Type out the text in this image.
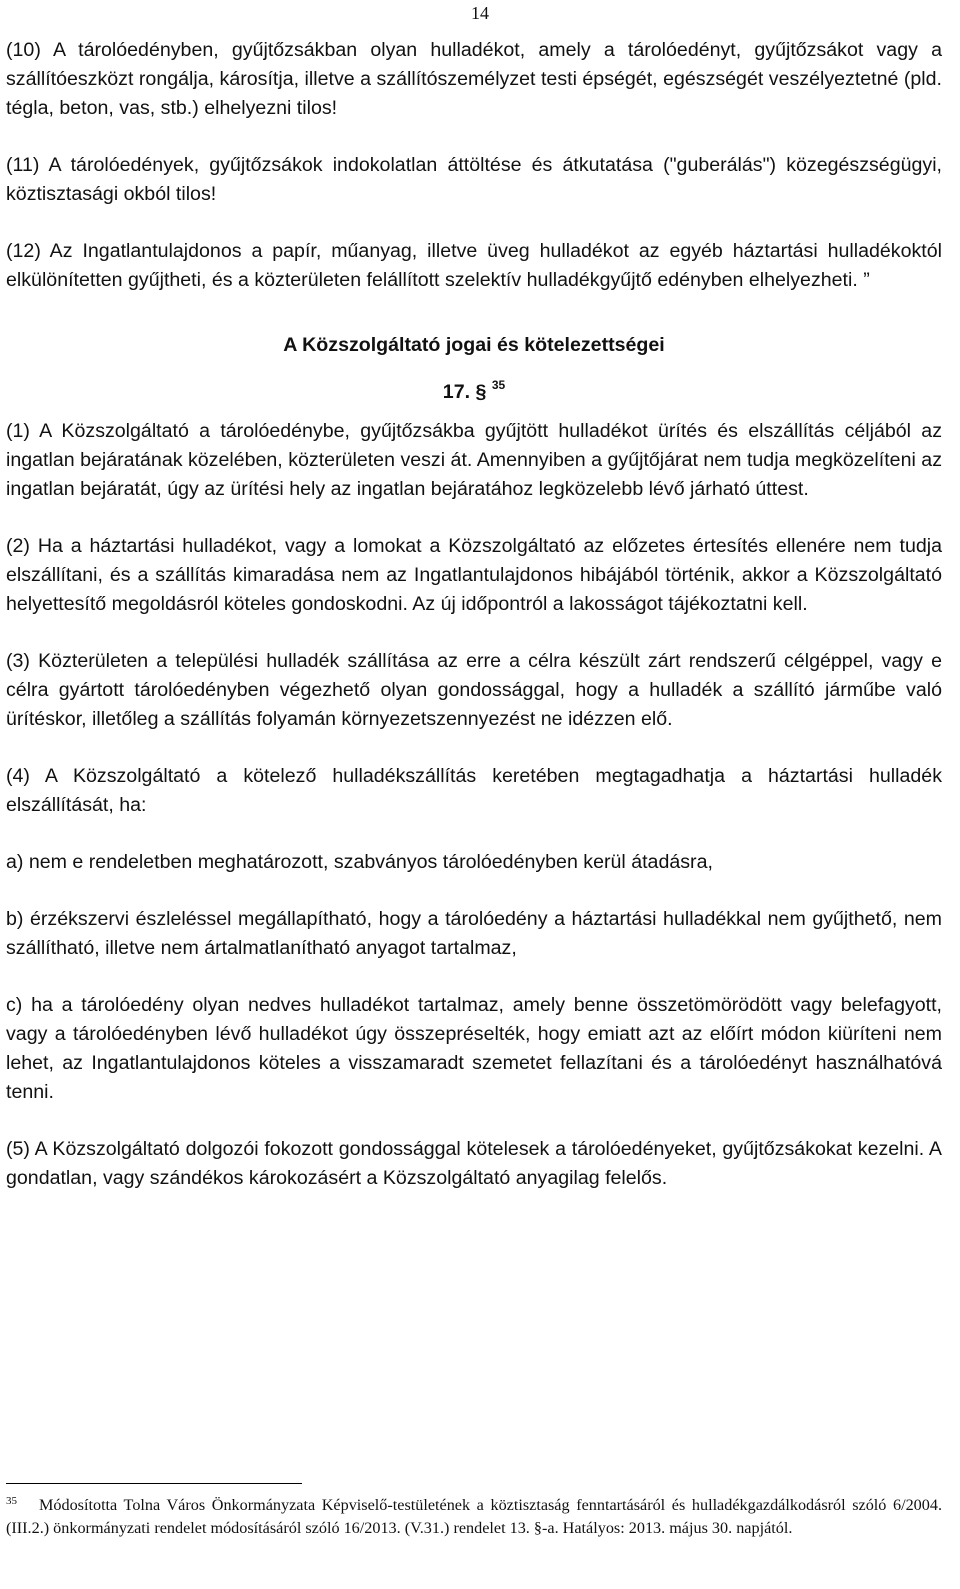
14

(10) A tárolóedényben, gyűjtőzsákban olyan hulladékot, amely a tárolóedényt, gyűjtőzsákot vagy a szállítóeszközt rongálja, károsítja, illetve a szállítószemélyzet testi épségét, egészségét veszélyeztetné (pld. tégla, beton, vas, stb.) elhelyezni tilos!

(11) A tárolóedények, gyűjtőzsákok indokolatlan áttöltése és átkutatása ("guberálás") közegészségügyi, köztisztasági okból tilos!

(12) Az Ingatlantulajdonos a papír, műanyag, illetve üveg hulladékot az egyéb háztartási hulladékoktól elkülönítetten gyűjtheti, és a közterületen felállított szelektív hulladékgyűjtő edényben elhelyezheti. ”

A Közszolgáltató jogai és kötelezettségei
17. § $^{35}$

(1) A Közszolgáltató a tárolóedénybe, gyűjtőzsákba gyűjtött hulladékot ürítés és elszállítás céljából az ingatlan bejáratának közelében, közterületen veszi át. Amennyiben a gyűjtőjárat nem tudja megközelíteni az ingatlan bejáratát, úgy az ürítési hely az ingatlan bejáratához legközelebb lévő járható úttest.

(2) Ha a háztartási hulladékot, vagy a lomokat a Közszolgáltató az előzetes értesítés ellenére nem tudja elszállítani, és a szállítás kimaradása nem az Ingatlantulajdonos hibájából történik, akkor a Közszolgáltató helyettesítő megoldásról köteles gondoskodni. Az új időpontról a lakosságot tájékoztatni kell.

(3) Közterületen a települési hulladék szállítása az erre a célra készült zárt rendszerű célgéppel, vagy e célra gyártott tárolóedényben végezhető olyan gondossággal, hogy a hulladék a szállító járműbe való ürítéskor, illetőleg a szállítás folyamán környezetszennyezést ne idézzen elő.

(4) A Közszolgáltató a kötelező hulladékszállítás keretében megtagadhatja a háztartási hulladék elszállítását, ha:

a) nem e rendeletben meghatározott, szabványos tárolóedényben kerül átadásra,

b) érzékszervi észleléssel megállapítható, hogy a tárolóedény a háztartási hulladékkal nem gyűjthető, nem szállítható, illetve nem ártalmatlanítható anyagot tartalmaz,

c) ha a tárolóedény olyan nedves hulladékot tartalmaz, amely benne összetömörödött vagy belefagyott, vagy a tárolóedényben lévő hulladékot úgy összepréselték, hogy emiatt azt az előírt módon kiüríteni nem lehet, az Ingatlantulajdonos köteles a visszamaradt szemetet fellazítani és a tárolóedényt használhatóvá tenni.

(5) A Közszolgáltató dolgozói fokozott gondossággal kötelesek a tárolóedényeket, gyűjtőzsákokat kezelni. A gondatlan, vagy szándékos károkozásért a Közszolgáltató anyagilag felelős.

$^{35}$ Módosította Tolna Város Önkormányzata Képviselő-testületének a köztisztaság fenntartásáról és hulladékgazdálkodásról szóló 6/2004. (III.2.) önkormányzati rendelet módosításáról szóló 16/2013. (V.31.) rendelet 13. §-a. Hatályos: 2013. május 30. napjától.
